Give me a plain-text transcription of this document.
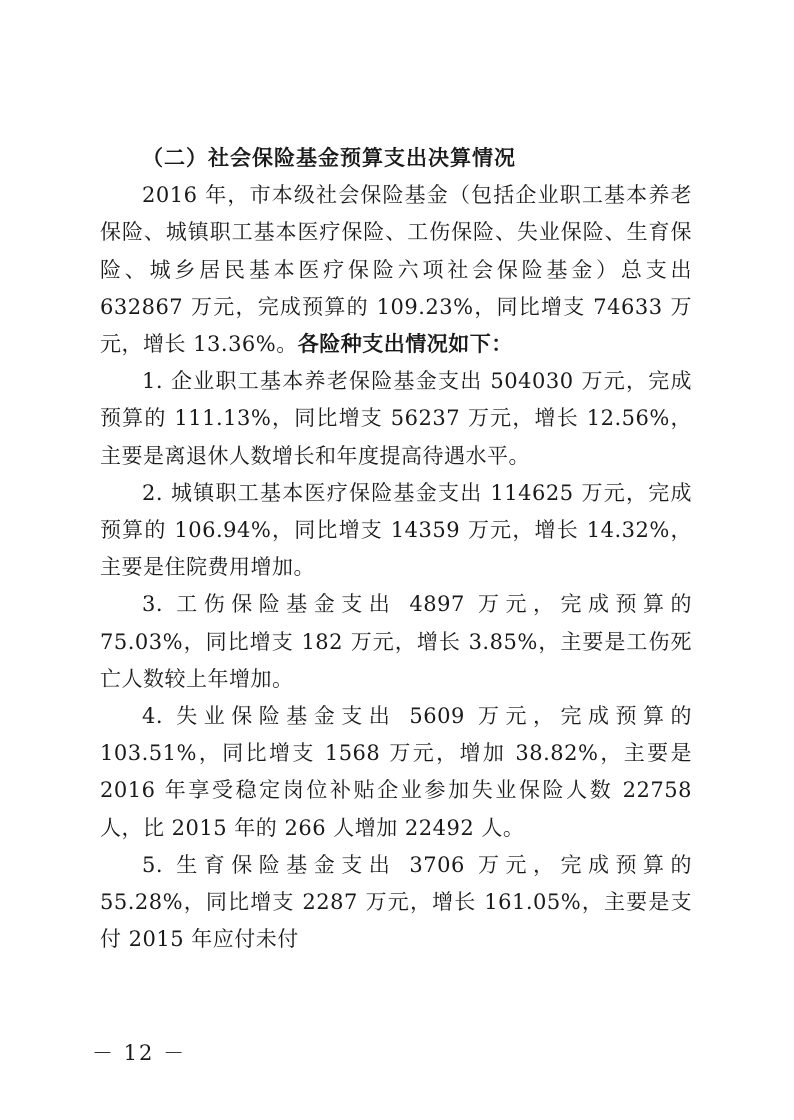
（二）社会保险基金预算支出决算情况

2016 年，市本级社会保险基金（包括企业职工基本养老保险、城镇职工基本医疗保险、工伤保险、失业保险、生育保险、城乡居民基本医疗保险六项社会保险基金）总支出 632867 万元，完成预算的 109.23%，同比增支 74633 万元，增长 13.36%。各险种支出情况如下：

1. 企业职工基本养老保险基金支出 504030 万元，完成预算的 111.13%，同比增支 56237 万元，增长 12.56%，主要是离退休人数增长和年度提高待遇水平。

2. 城镇职工基本医疗保险基金支出 114625 万元，完成预算的 106.94%，同比增支 14359 万元，增长 14.32%，主要是住院费用增加。

3. 工伤保险基金支出 4897 万元，完成预算的 75.03%，同比增支 182 万元，增长 3.85%，主要是工伤死亡人数较上年增加。

4. 失业保险基金支出 5609 万元，完成预算的 103.51%，同比增支 1568 万元，增加 38.82%，主要是 2016 年享受稳定岗位补贴企业参加失业保险人数 22758 人，比 2015 年的 266 人增加 22492 人。

5. 生育保险基金支出 3706 万元，完成预算的 55.28%，同比增支 2287 万元，增长 161.05%，主要是支付 2015 年应付未付

－ 12 －
